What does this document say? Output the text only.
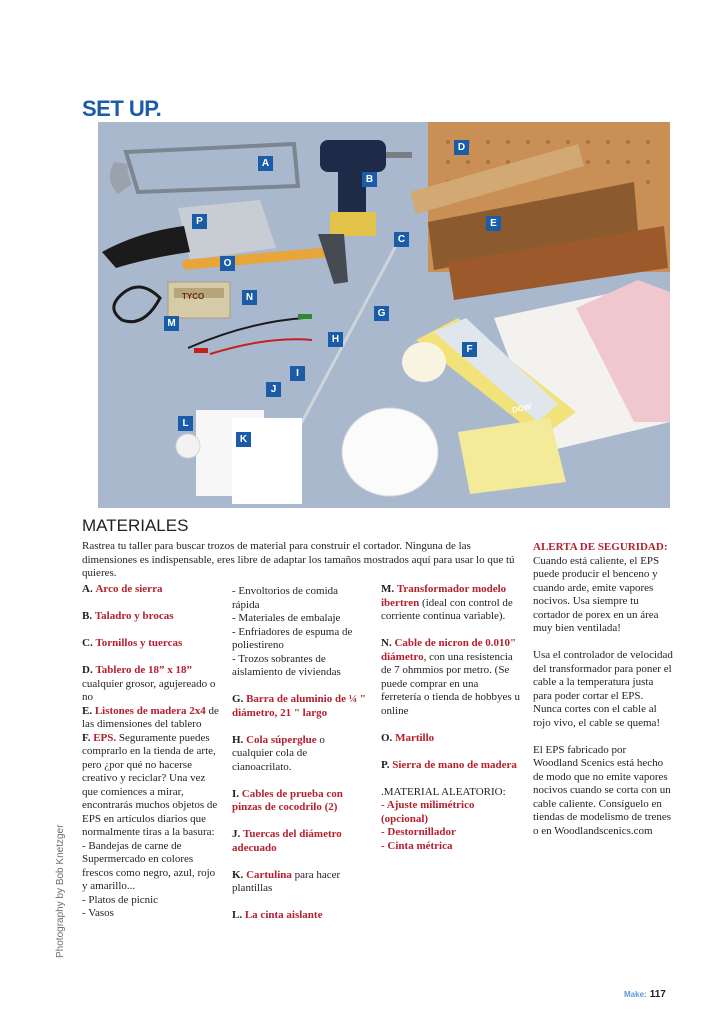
SET UP.
TYCO
DOW
A
B
C
D
E
F
G
H
I
J
K
L
M
N
O
P
MATERIALES

Rastrea tu taller para buscar trozos de material para construir el cortador. Ninguna de las dimensiones es indispensable, eres libre de adaptar los tamaños mostrados aquí para usar lo que tú quieres.

A. Arco de sierra

B. Taladro y brocas

C. Tornillos y tuercas

D. Tablero de 18” x 18” cualquier grosor, agujereado o no

E. Listones de madera 2x4 de las dimensiones del tablero

F. EPS. Seguramente puedes comprarlo en la tienda de arte, pero ¿por qué no hacerse creativo y reciclar? Una vez que comiences a mirar, encontrarás muchos objetos de EPS en artículos diarios que normalmente tiras a la basura:

- Bandejas de carne de Supermercado en colores frescos como negro, azul, rojo y amarillo...

- Platos de picnic

- Vasos

- Envoltorios de comida rápida

- Materiales de embalaje

- Enfriadores de espuma de poliestireno

- Trozos sobrantes de aislamiento de viviendas

G. Barra de aluminio de ¼ " diámetro, 21 " largo

H. Cola súperglue o cualquier cola de cianoacrilato.

I. Cables de prueba con pinzas de cocodrilo (2)

J. Tuercas del diámetro adecuado

K. Cartulina para hacer plantillas

L. La cinta aislante

M. Transformador modelo ibertren (ideal con control de corriente continua variable).

N. Cable de nicron de 0.010" diámetro, con una resistencia de 7 ohmmios por metro. (Se puede comprar en una ferretería o tienda de hobbyes u online

O. Martillo

P. Sierra de mano de madera

.MATERIAL ALEATORIO:

- Ajuste milimétrico (opcional)

- Destornillador

- Cinta métrica

ALERTA DE SEGURIDAD:

Cuando está caliente, el EPS puede producir el benceno y cuando arde, emite vapores nocivos. Usa siempre tu cortador de porex en un área muy bien ventilada!

Usa el controlador de velocidad del transformador para poner el cable a la temperatura justa para poder cortar el EPS. Nunca cortes con el cable al rojo vivo, el cable se quema!

El EPS fabricado por Woodland Scenics está hecho de modo que no emite vapores nocivos cuando se corta con un cable caliente. Consíguelo en tiendas de modelismo de trenes o en Woodlandscenics.com

Photography by Bob Knetzger
Make: 117
